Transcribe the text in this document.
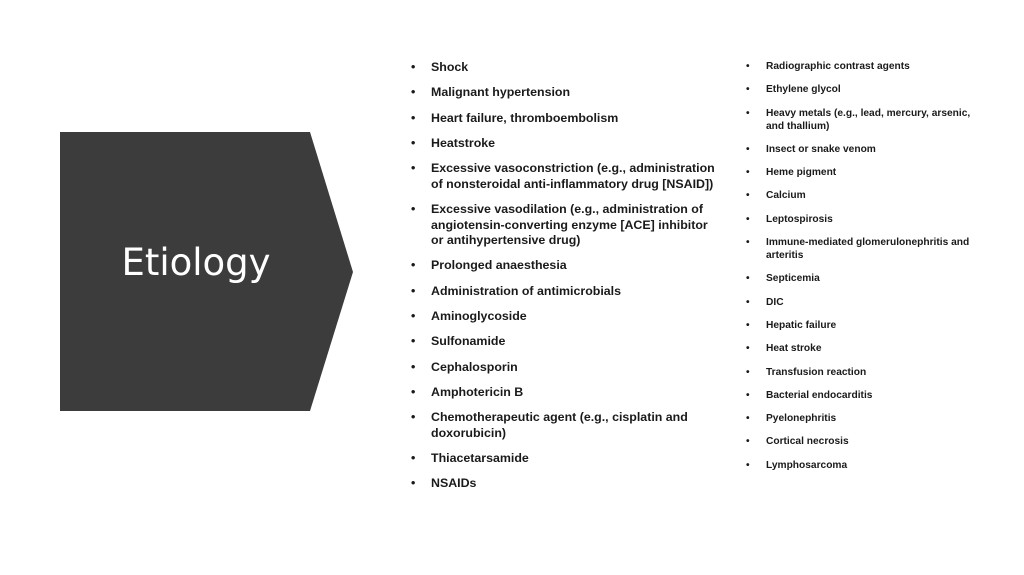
Etiology
• Shock
• Malignant hypertension
• Heart failure, thromboembolism
• Heatstroke
• Excessive vasoconstriction (e.g., administration of nonsteroidal anti-inflammatory drug [NSAID])
• Excessive vasodilation (e.g., administration of angiotensin-converting enzyme [ACE] inhibitor or antihypertensive drug)
• Prolonged anaesthesia
• Administration of antimicrobials
• Aminoglycoside
• Sulfonamide
• Cephalosporin
• Amphotericin B
• Chemotherapeutic agent (e.g., cisplatin and doxorubicin)
• Thiacetarsamide
• NSAIDs
• Radiographic contrast agents
• Ethylene glycol
• Heavy metals (e.g., lead, mercury, arsenic, and thallium)
• Insect or snake venom
• Heme pigment
• Calcium
• Leptospirosis
• Immune-mediated glomerulonephritis and arteritis
• Septicemia
• DIC
• Hepatic failure
• Heat stroke
• Transfusion reaction
• Bacterial endocarditis
• Pyelonephritis
• Cortical necrosis
• Lymphosarcoma
